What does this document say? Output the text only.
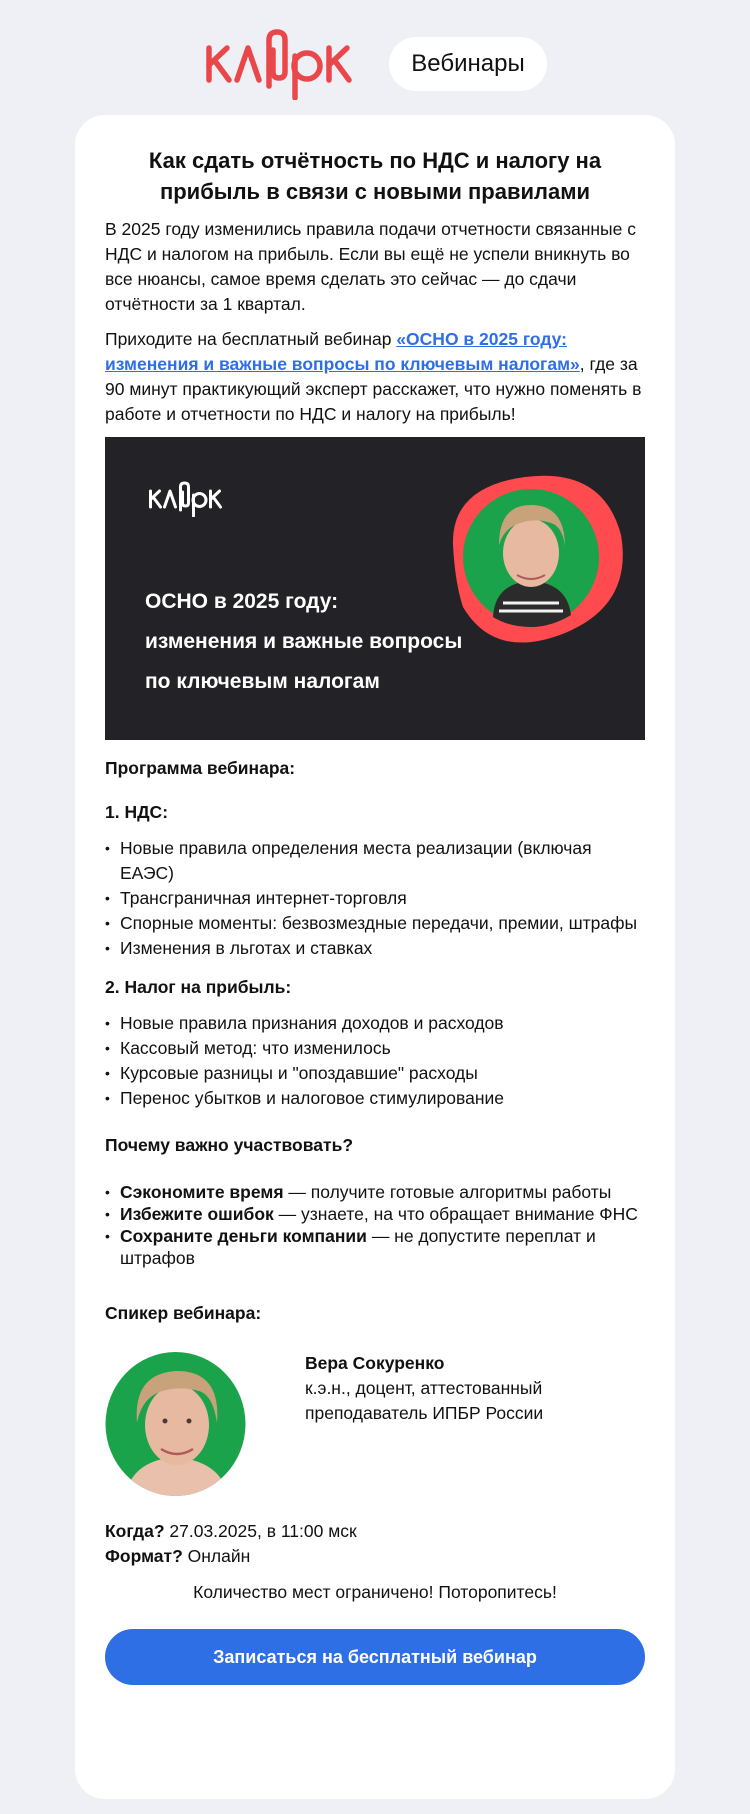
Вебинары
Как сдать отчётность по НДС и налогу на
прибыль в связи с новыми правилами
В 2025 году изменились правила подачи отчетности связанные с НДС и налогом на прибыль. Если вы ещё не успели вникнуть во все нюансы, самое время сделать это сейчас — до сдачи отчётности за 1 квартал.
Приходите на бесплатный вебинар «ОСНО в 2025 году: изменения и важные вопросы по ключевым налогам», где за 90 минут практикующий эксперт расскажет, что нужно поменять в работе и отчетности по НДС и налогу на прибыль!
ОСНО в 2025 году:
изменения и важные вопросы
по ключевым налогам
Программа вебинара:
1. НДС:
• Новые правила определения места реализации (включая ЕАЭС)
• Трансграничная интернет-торговля
• Спорные моменты: безвозмездные передачи, премии, штрафы
• Изменения в льготах и ставках
2. Налог на прибыль:
• Новые правила признания доходов и расходов
• Кассовый метод: что изменилось
• Курсовые разницы и "опоздавшие" расходы
• Перенос убытков и налоговое стимулирование
Почему важно участвовать?
• Сэкономите время — получите готовые алгоритмы работы
• Избежите ошибок — узнаете, на что обращает внимание ФНС
• Сохраните деньги компании — не допустите переплат и штрафов
Спикер вебинара:
Вера Сокуренко
к.э.н., доцент, аттестованный
преподаватель ИПБР России
Когда? 27.03.2025, в 11:00 мск
Формат? Онлайн
Количество мест ограничено! Поторопитесь!
Записаться на бесплатный вебинар
